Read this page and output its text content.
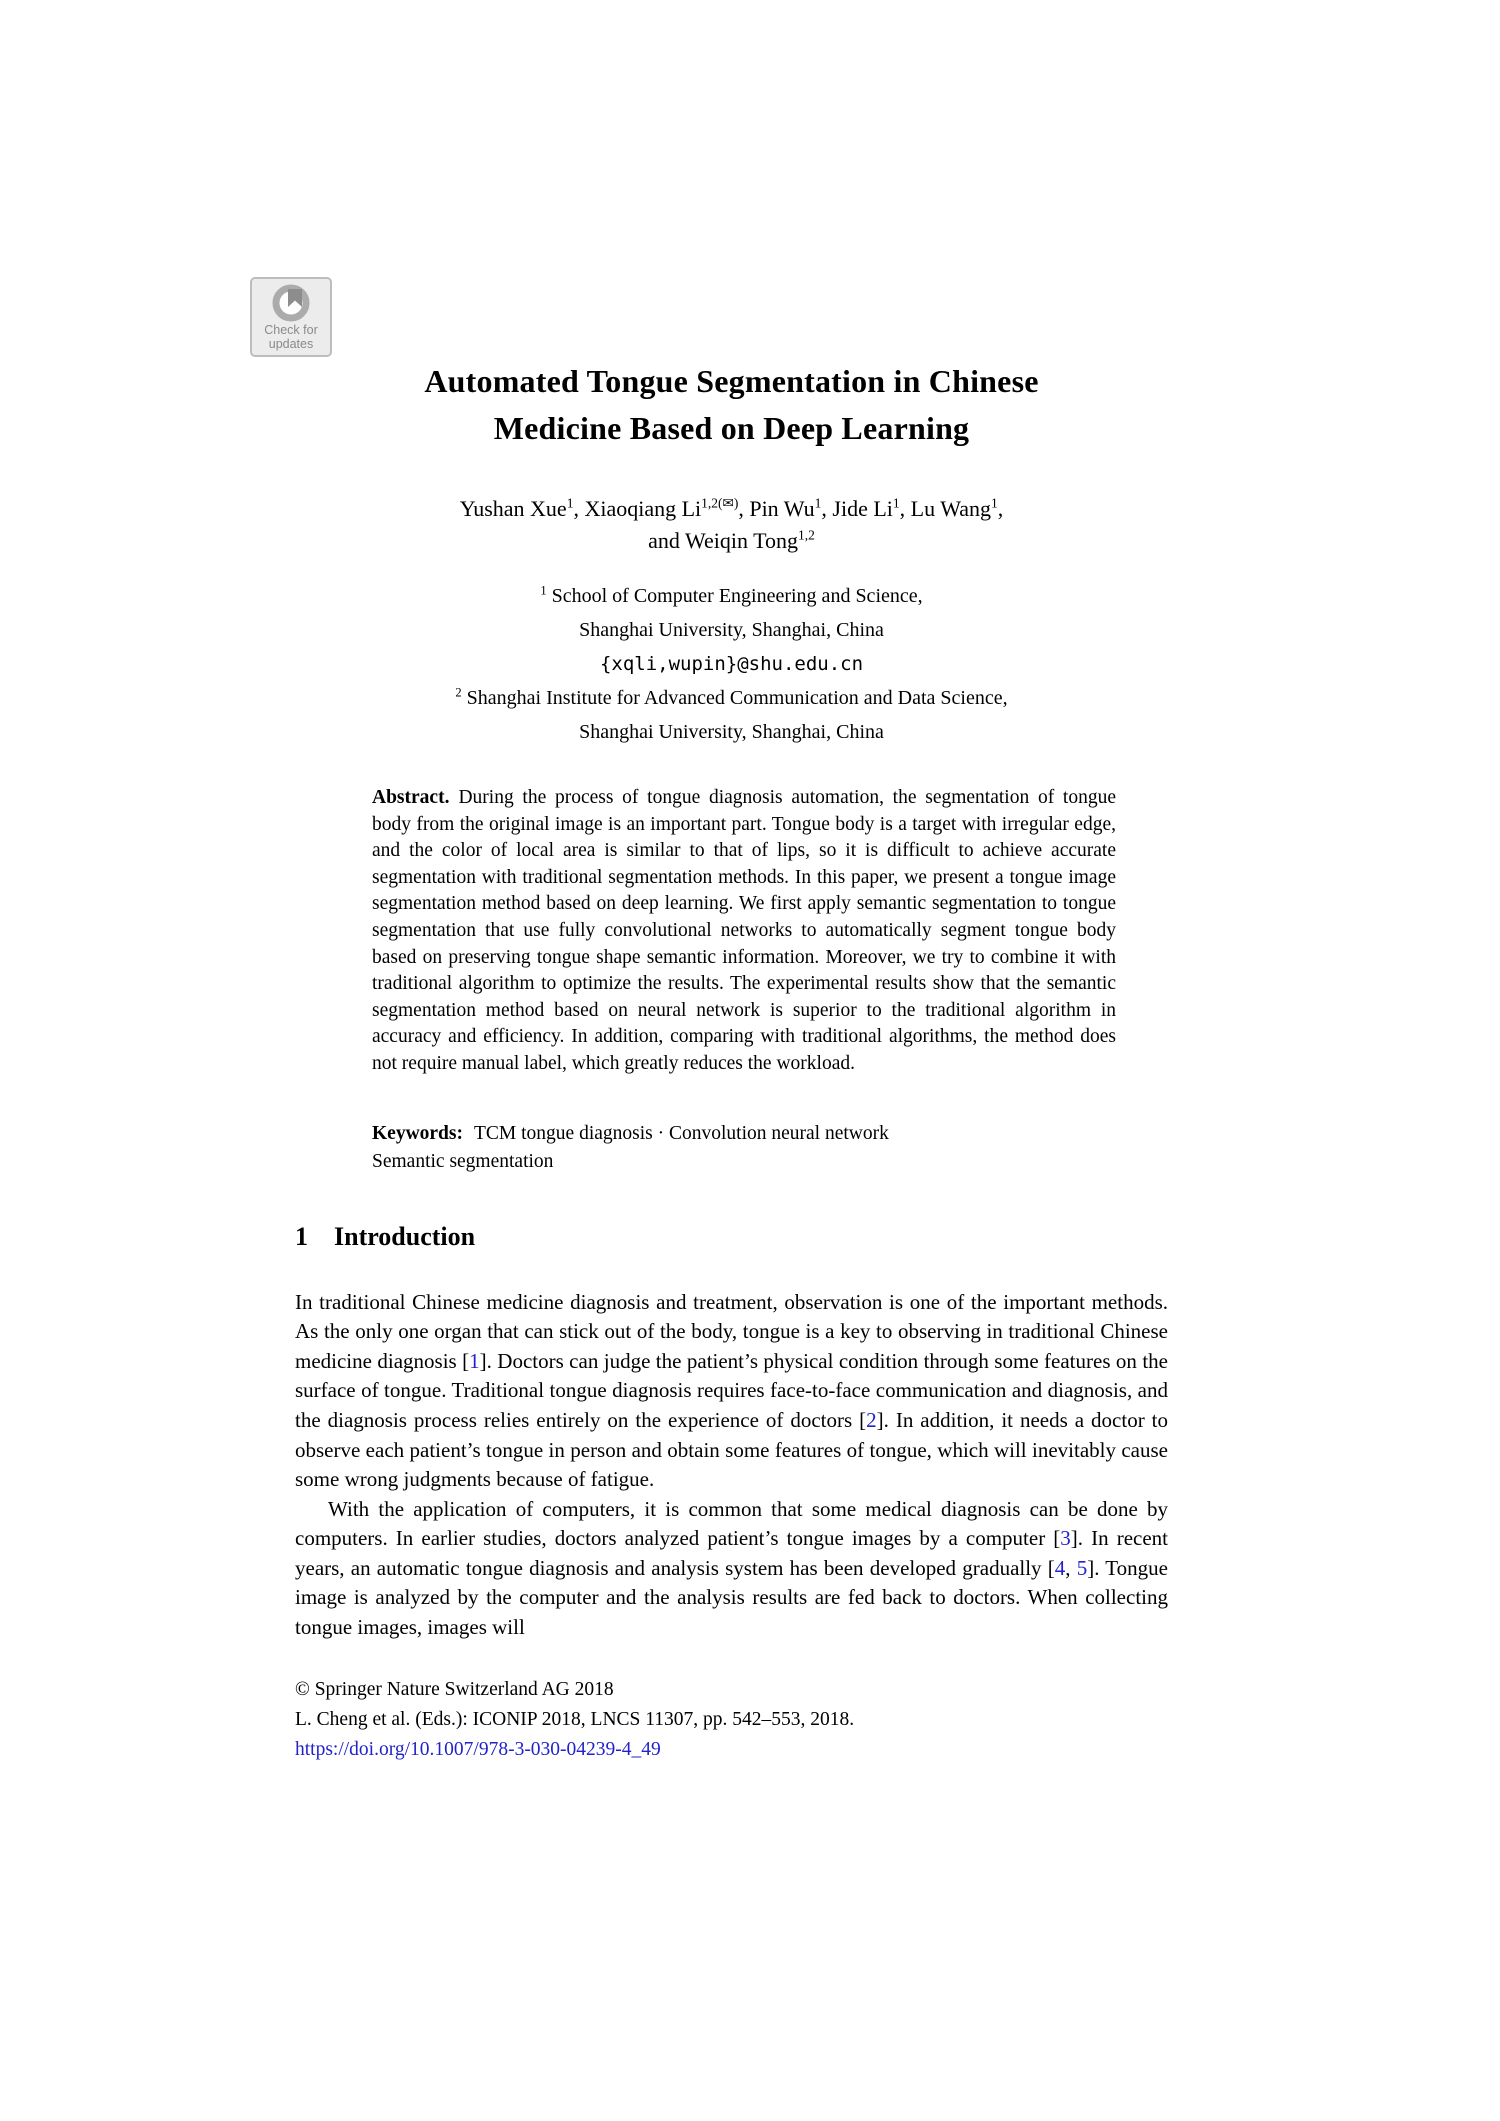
Check for updates
Automated Tongue Segmentation in Chinese
Medicine Based on Deep Learning
Yushan Xue$^1$, Xiaoqiang $Li^{1,2(✉)}$, Pin Wu$^1$, Jide Li$^1$, Lu Wang$^1$,
and Weiqin Tong$^{1,2}$
$^1$ School of Computer Engineering and Science,
Shanghai University, Shanghai, China
{xqli,wupin}@shu.edu.cn
$^2$ Shanghai Institute for Advanced Communication and Data Science,
Shanghai University, Shanghai, China

Abstract. During the process of tongue diagnosis automation, the segmentation of tongue body from the original image is an important part. Tongue body is a target with irregular edge, and the color of local area is similar to that of lips, so it is difficult to achieve accurate segmentation with traditional segmentation methods. In this paper, we present a tongue image segmentation method based on deep learning. We first apply semantic segmentation to tongue segmentation that use fully convolutional networks to automatically segment tongue body based on preserving tongue shape semantic information. Moreover, we try to combine it with traditional algorithm to optimize the results. The experimental results show that the semantic segmentation method based on neural network is superior to the traditional algorithm in accuracy and efficiency. In addition, comparing with traditional algorithms, the method does not require manual label, which greatly reduces the workload.

Keywords: TCM tongue diagnosis · Convolution neural network
Semantic segmentation

1 Introduction

In traditional Chinese medicine diagnosis and treatment, observation is one of the important methods. As the only one organ that can stick out of the body, tongue is a key to observing in traditional Chinese medicine diagnosis [1]. Doctors can judge the patient’s physical condition through some features on the surface of tongue. Traditional tongue diagnosis requires face-to-face communication and diagnosis, and the diagnosis process relies entirely on the experience of doctors [2]. In addition, it needs a doctor to observe each patient’s tongue in person and obtain some features of tongue, which will inevitably cause some wrong judgments because of fatigue.

With the application of computers, it is common that some medical diagnosis can be done by computers. In earlier studies, doctors analyzed patient’s tongue images by a computer [3]. In recent years, an automatic tongue diagnosis and analysis system has been developed gradually [4, 5]. Tongue image is analyzed by the computer and the analysis results are fed back to doctors. When collecting tongue images, images will

© Springer Nature Switzerland AG 2018
L. Cheng et al. (Eds.): ICONIP 2018, LNCS 11307, pp. 542–553, 2018.
https://doi.org/10.1007/978-3-030-04239-4_49
